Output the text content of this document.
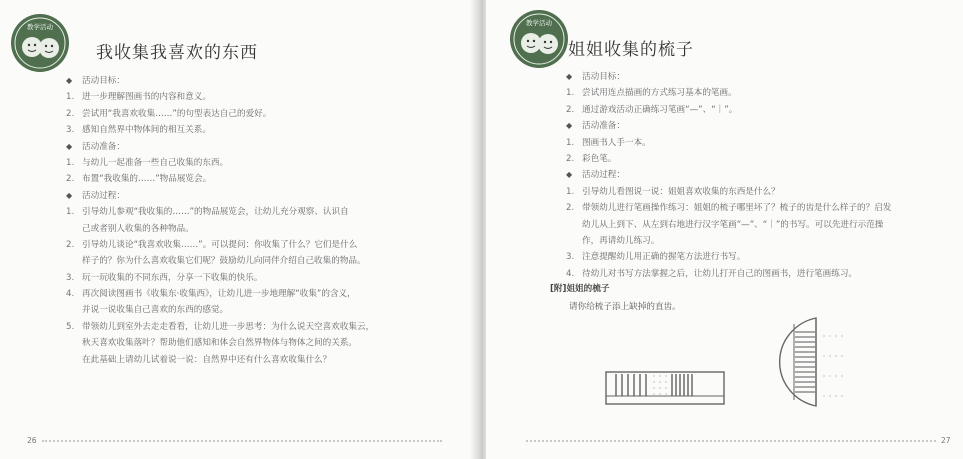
教学活动
我收集我喜欢的东西
◆ 活动目标：
1. 进一步理解图画书的内容和意义。
2. 尝试用“我喜欢收集……”的句型表达自己的爱好。
3. 感知自然界中物体间的相互关系。
◆ 活动准备：
1. 与幼儿一起准备一些自己收集的东西。
2. 布置“我收集的……”物品展览会。
◆ 活动过程：
1. 引导幼儿参观“我收集的……”的物品展览会，让幼儿充分观察、认识自
己或者别人收集的各种物品。
2. 引导幼儿谈论“我喜欢收集……”。可以提问：你收集了什么？它们是什么
样子的？你为什么喜欢收集它们呢？鼓励幼儿向同伴介绍自己收集的物品。
3. 玩一玩收集的不同东西，分享一下收集的快乐。
4. 再次阅读图画书《收集东·收集西》，让幼儿进一步地理解“收集”的含义，
并说一说收集自己喜欢的东西的感觉。
5. 带领幼儿到室外去走走看看，让幼儿进一步思考：为什么说天空喜欢收集云，
秋天喜欢收集落叶？帮助他们感知和体会自然界物体与物体之间的关系。
在此基础上请幼儿试着说一说：自然界中还有什么喜欢收集什么？
26
教学活动
姐姐收集的梳子
◆ 活动目标：
1. 尝试用连点描画的方式练习基本的笔画。
2. 通过游戏活动正确练习笔画“—”、“｜”。
◆ 活动准备：
1. 图画书人手一本。
2. 彩色笔。
◆ 活动过程：
1. 引导幼儿看图说一说：姐姐喜欢收集的东西是什么？
2. 带领幼儿进行笔画操作练习：姐姐的梳子哪里坏了？梳子的齿是什么样子的？启发
幼儿从上到下、从左到右地进行汉字笔画“—”、“｜”的书写。可以先进行示范操
作，再请幼儿练习。
3. 注意提醒幼儿用正确的握笔方法进行书写。
4. 待幼儿对书写方法掌握之后，让幼儿打开自己的图画书，进行笔画练习。
[附]姐姐的梳子
请你给梳子添上缺掉的直齿。
27
